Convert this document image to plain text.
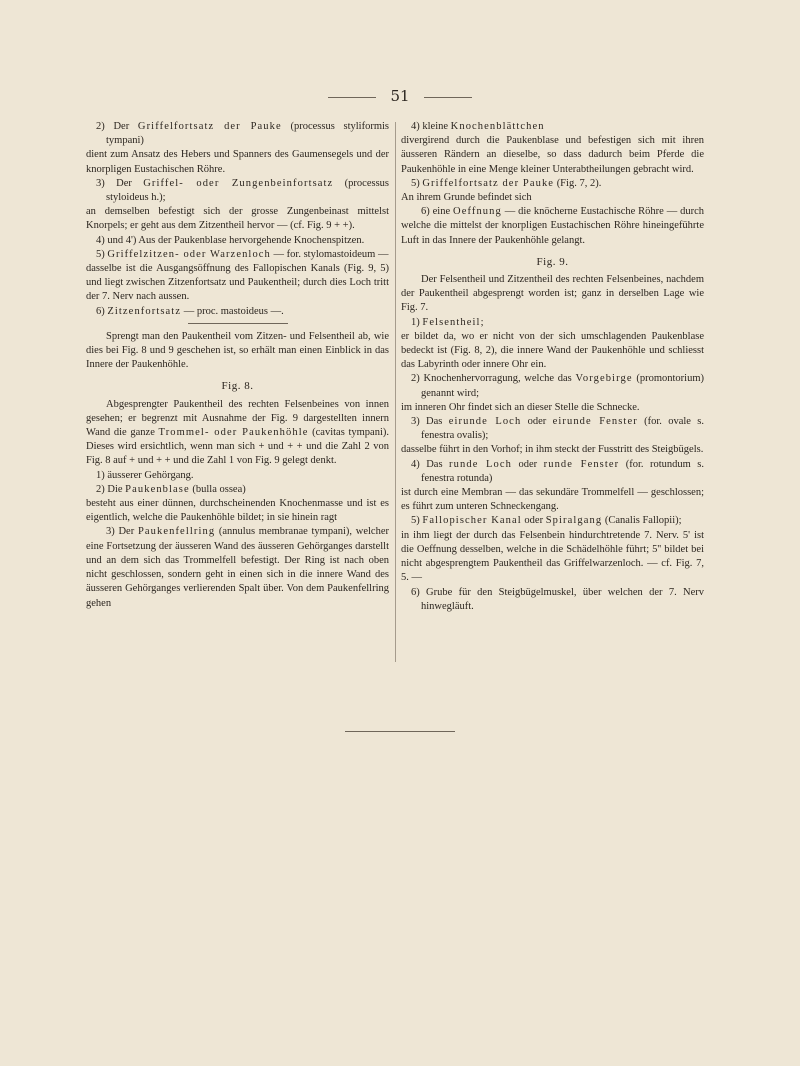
51

2) Der Griffelfortsatz der Pauke (processus styliformis tympani)

dient zum Ansatz des Hebers und Spanners des Gaumensegels und der knorpligen Eustachischen Röhre.

3) Der Griffel- oder Zungenbeinfortsatz (processus styloideus h.);

an demselben befestigt sich der grosse Zungenbeinast mittelst Knorpels; er geht aus dem Zitzentheil hervor — (cf. Fig. 9 + +).

4) und 4') Aus der Paukenblase hervorgehende Knochenspitzen.

5) Griffelzitzen- oder Warzenloch — for. stylomastoideum —

dasselbe ist die Ausgangsöffnung des Fallopischen Kanals (Fig. 9, 5) und liegt zwischen Zitzenfortsatz und Paukentheil; durch dies Loch tritt der 7. Nerv nach aussen.

6) Zitzenfortsatz — proc. mastoideus —.

Sprengt man den Paukentheil vom Zitzen- und Felsentheil ab, wie dies bei Fig. 8 und 9 geschehen ist, so erhält man einen Einblick in das Innere der Paukenhöhle.

Fig. 8.

Abgesprengter Paukentheil des rechten Felsenbeines von innen gesehen; er begrenzt mit Ausnahme der Fig. 9 dargestellten innern Wand die ganze Trommel- oder Paukenhöhle (cavitas tympani). Dieses wird ersichtlich, wenn man sich + und + + und die Zahl 2 von Fig. 8 auf + und + + und die Zahl 1 von Fig. 9 gelegt denkt.

1) äusserer Gehörgang.

2) Die Paukenblase (bulla ossea)

besteht aus einer dünnen, durchscheinenden Knochenmasse und ist es eigentlich, welche die Paukenhöhle bildet; in sie hinein ragt

3) Der Paukenfellring (annulus membranae tympani), welcher eine Fortsetzung der äusseren Wand des äusseren Gehörganges darstellt und an dem sich das Trommelfell befestigt. Der Ring ist nach oben nicht geschlossen, sondern geht in einen sich in die innere Wand des äusseren Gehörganges verlierenden Spalt über. Von dem Paukenfellring gehen

4) kleine Knochenblättchen

divergirend durch die Paukenblase und befestigen sich mit ihren äusseren Rändern an dieselbe, so dass dadurch beim Pferde die Paukenhöhle in eine Menge kleiner Unterabtheilungen gebracht wird.

5) Griffelfortsatz der Pauke (Fig. 7, 2).

An ihrem Grunde befindet sich

6) eine Oeffnung — die knöcherne Eustachische Röhre — durch welche die mittelst der knorpligen Eustachischen Röhre hineingeführte Luft in das Innere der Paukenhöhle gelangt.

Fig. 9.

Der Felsentheil und Zitzentheil des rechten Felsenbeines, nachdem der Paukentheil abgesprengt worden ist; ganz in derselben Lage wie Fig. 7.

1) Felsentheil;

er bildet da, wo er nicht von der sich umschlagenden Paukenblase bedeckt ist (Fig. 8, 2), die innere Wand der Paukenhöhle und schliesst das Labyrinth oder innere Ohr ein.

2) Knochenhervorragung, welche das Vorgebirge (promontorium) genannt wird;

im inneren Ohr findet sich an dieser Stelle die Schnecke.

3) Das eirunde Loch oder eirunde Fenster (for. ovale s. fenestra ovalis);

dasselbe führt in den Vorhof; in ihm steckt der Fusstritt des Steigbügels.

4) Das runde Loch oder runde Fenster (for. rotundum s. fenestra rotunda)

ist durch eine Membran — das sekundäre Trommelfell — geschlossen; es führt zum unteren Schneckengang.

5) Fallopischer Kanal oder Spiralgang (Canalis Fallopii);

in ihm liegt der durch das Felsenbein hindurchtretende 7. Nerv. 5' ist die Oeffnung desselben, welche in die Schädelhöhle führt; 5'' bildet bei nicht abgesprengtem Paukentheil das Griffelwarzenloch. — cf. Fig. 7, 5. —

6) Grube für den Steigbügelmuskel, über welchen der 7. Nerv hinwegläuft.
